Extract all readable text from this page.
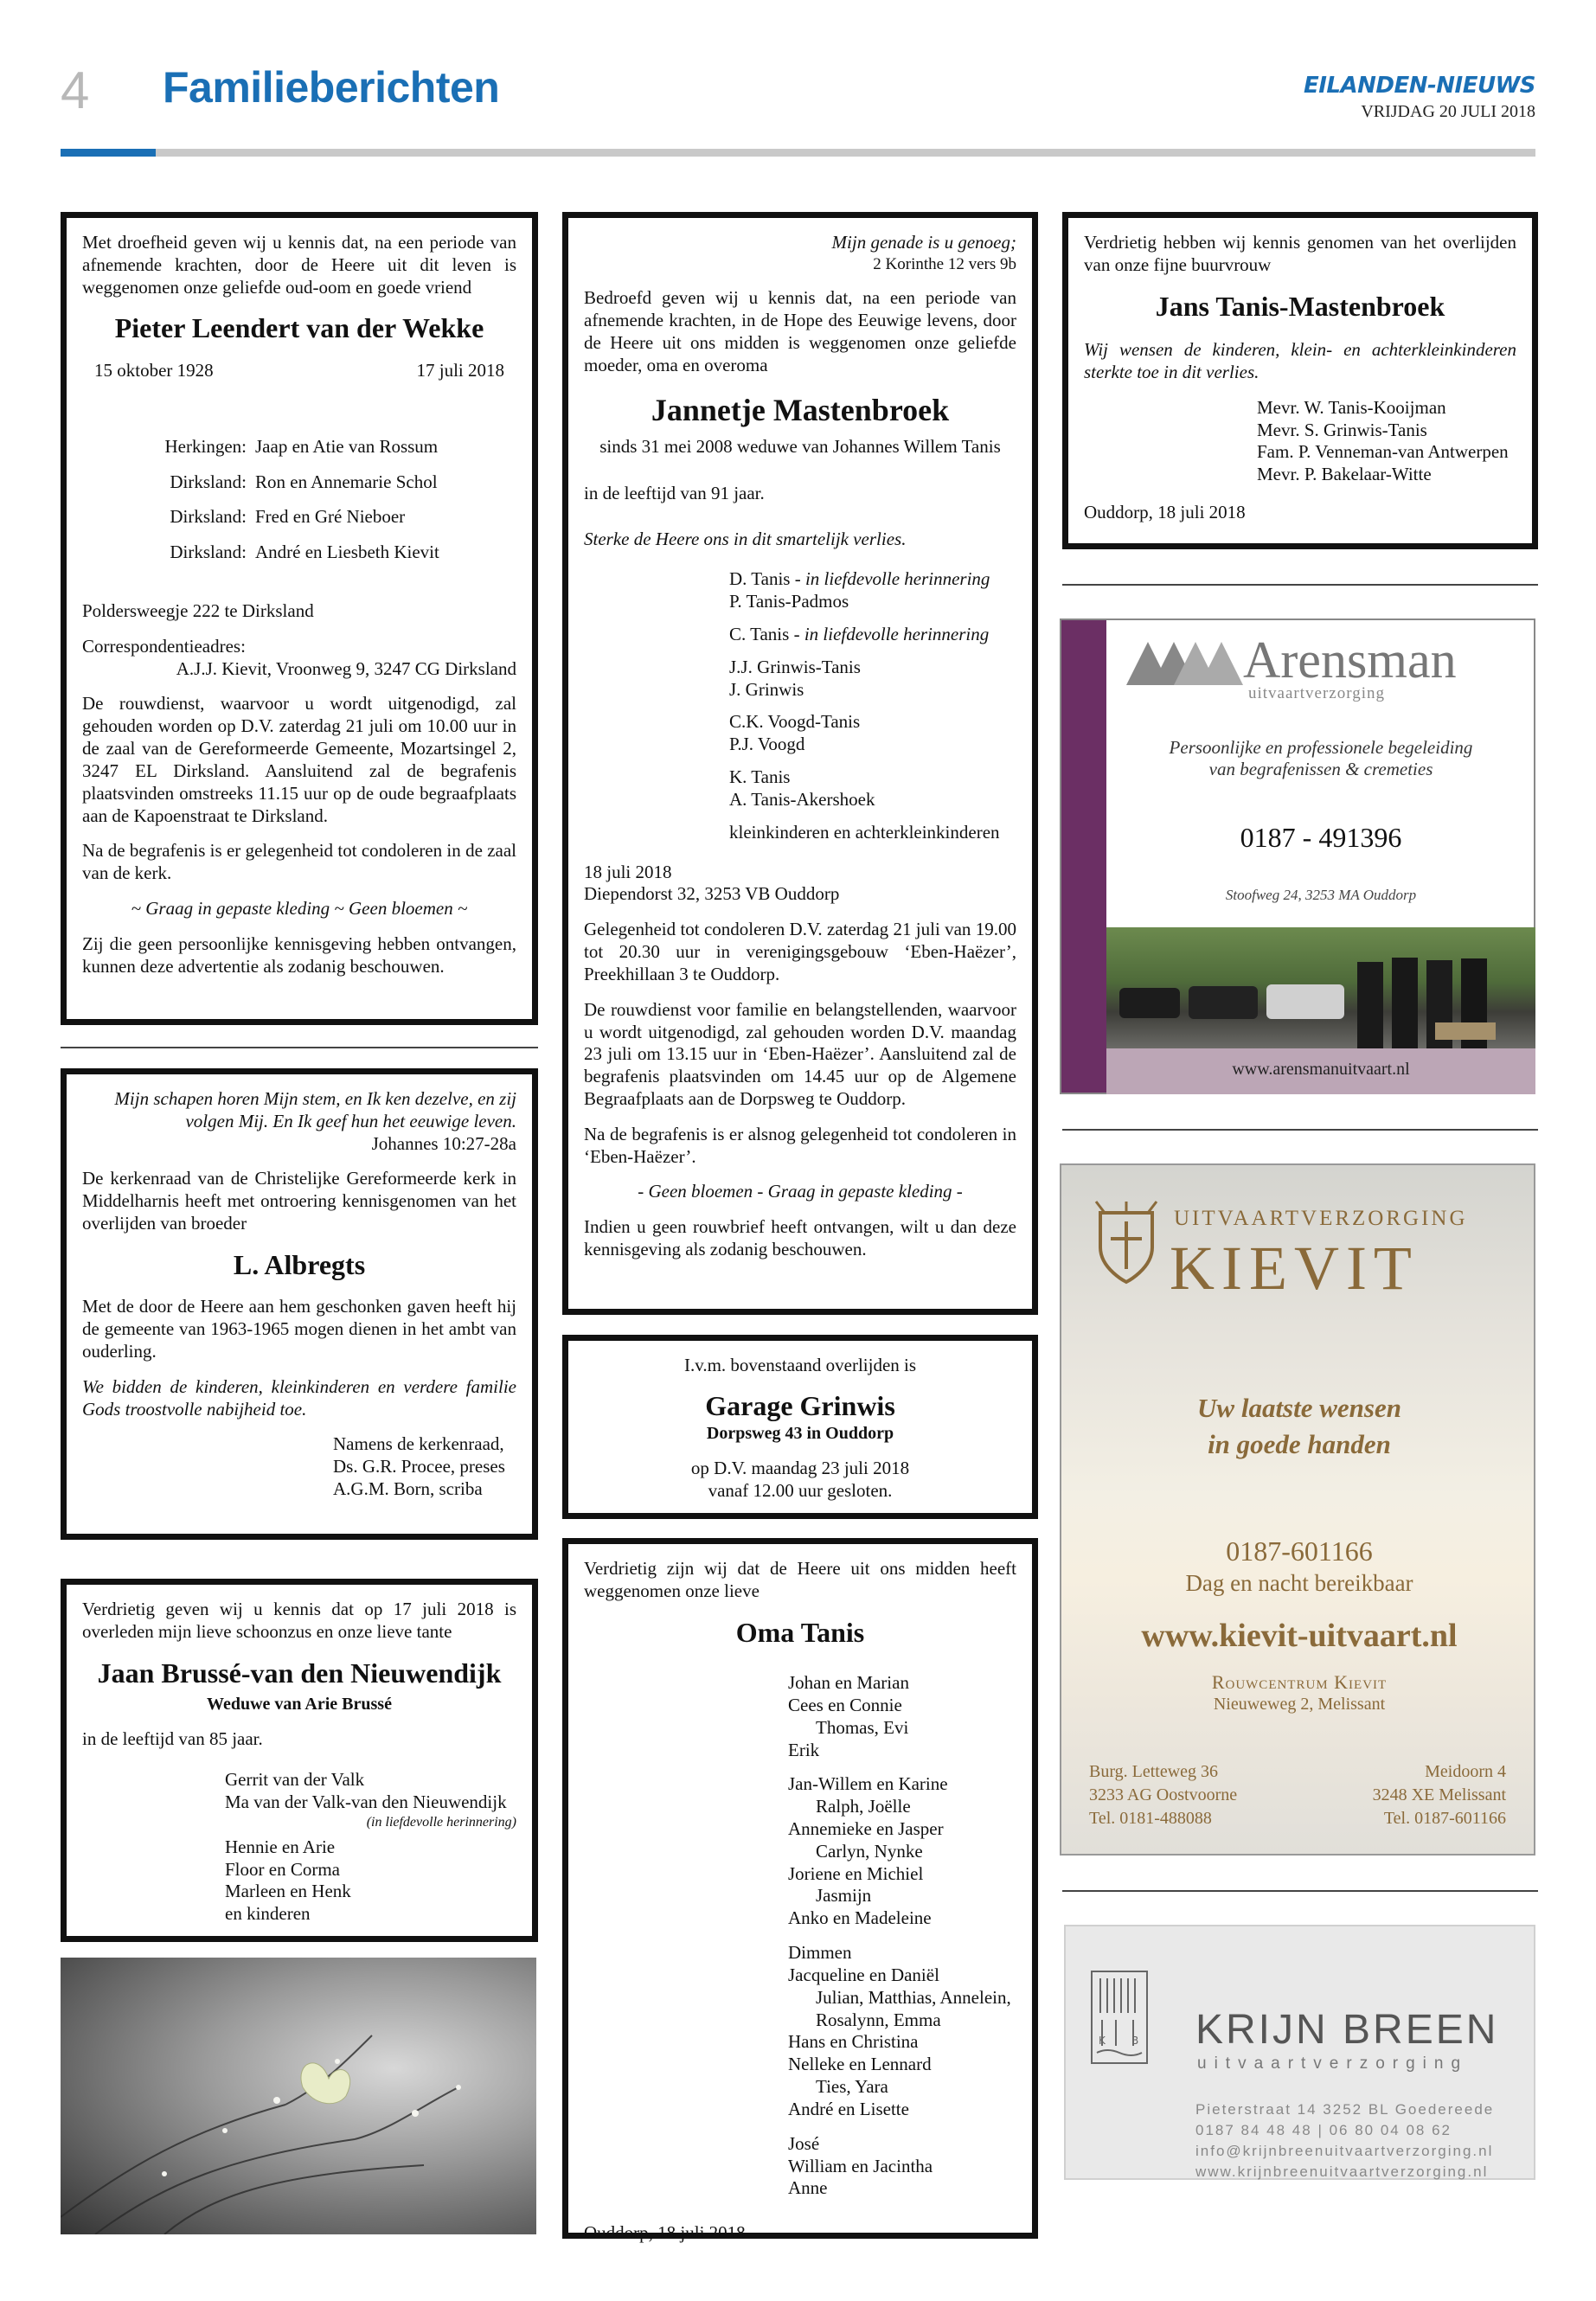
4 Familieberichten	EILANDEN-NIEUWS
VRIJDAG 20 JULI 2018

Met droefheid geven wij u kennis dat, na een periode van afnemende krachten, door de Heere uit dit leven is weggenomen onze geliefde oud-oom en goede vriend

Pieter Leendert van der Wekke
15 oktober 1928	17 juli 2018
Herkingen: Jaap en Atie van Rossum
Dirksland: Ron en Annemarie Schol
Dirksland: Fred en Gré Nieboer
Dirksland: André en Liesbeth Kievit

Poldersweegje 222 te Dirksland

Correspondentieadres:

A.J.J. Kievit, Vroonweg 9, 3247 CG Dirksland

De rouwdienst, waarvoor u wordt uitgenodigd, zal gehouden worden op D.V. zaterdag 21 juli om 10.00 uur in de zaal van de Gereformeerde Gemeente, Mozartsingel 2, 3247 EL Dirksland. Aansluitend zal de begrafenis plaatsvinden omstreeks 11.15 uur op de oude begraafplaats aan de Kapoenstraat te Dirksland.

Na de begrafenis is er gelegenheid tot condoleren in de zaal van de kerk.

~ Graag in gepaste kleding ~ Geen bloemen ~

Zij die geen persoonlijke kennisgeving hebben ontvangen, kunnen deze advertentie als zodanig beschouwen.

Mijn schapen horen Mijn stem, en Ik ken dezelve, en zij volgen Mij. En Ik geef hun het eeuwige leven.

Johannes 10:27-28a

De kerkenraad van de Christelijke Gereformeerde kerk in Middelharnis heeft met ontroering kennisgenomen van het overlijden van broeder

L. Albregts

Met de door de Heere aan hem geschonken gaven heeft hij de gemeente van 1963-1965 mogen dienen in het ambt van ouderling.

We bidden de kinderen, kleinkinderen en verdere familie Gods troostvolle nabijheid toe.

Namens de kerkenraad,
Ds. G.R. Procee, preses
A.G.M. Born, scriba

Verdrietig geven wij u kennis dat op 17 juli 2018 is overleden mijn lieve schoonzus en onze lieve tante

Jaan Brussé-van den Nieuwendijk

Weduwe van Arie Brussé

in de leeftijd van 85 jaar.

Gerrit van der Valk
Ma van der Valk-van den Nieuwendijk
(in liefdevolle herinnering)
Hennie en Arie
Floor en Corma
Marleen en Henk
en kinderen
Mijn genade is u genoeg;

2 Korinthe 12 vers 9b

Bedroefd geven wij u kennis dat, na een periode van afnemende krachten, in de Hope des Eeuwige levens, door de Heere uit ons midden is weggenomen onze geliefde moeder, oma en overoma

Jannetje Mastenbroek

sinds 31 mei 2008 weduwe van Johannes Willem Tanis

in de leeftijd van 91 jaar.

Sterke de Heere ons in dit smartelijk verlies.

D. Tanis - in liefdevolle herinnering
P. Tanis-Padmos
C. Tanis - in liefdevolle herinnering
J.J. Grinwis-Tanis
J. Grinwis
C.K. Voogd-Tanis
P.J. Voogd
K. Tanis
A. Tanis-Akershoek
kleinkinderen en achterkleinkinderen
18 juli 2018

Diependorst 32, 3253 VB Ouddorp

Gelegenheid tot condoleren D.V. zaterdag 21 juli van 19.00 tot 20.30 uur in verenigingsgebouw ‘Eben-Haëzer’, Preekhillaan 3 te Ouddorp.

De rouwdienst voor familie en belangstellenden, waarvoor u wordt uitgenodigd, zal gehouden worden D.V. maandag 23 juli om 13.15 uur in ‘Eben-Haëzer’. Aansluitend zal de begrafenis plaatsvinden om 14.45 uur op de Algemene Begraafplaats aan de Dorpsweg te Ouddorp.

Na de begrafenis is er alsnog gelegenheid tot condoleren in ‘Eben-Haëzer’.

- Geen bloemen - Graag in gepaste kleding -

Indien u geen rouwbrief heeft ontvangen, wilt u dan deze kennisgeving als zodanig beschouwen.

I.v.m. bovenstaand overlijden is
Garage Grinwis

Dorpsweg 43 in Ouddorp

op D.V. maandag 23 juli 2018
vanaf 12.00 uur gesloten.

Verdrietig zijn wij dat de Heere uit ons midden heeft weggenomen onze lieve

Oma Tanis
Johan en Marian
Cees en Connie
Thomas, Evi
Erik
Jan-Willem en Karine
Ralph, Joëlle
Annemieke en Jasper
Carlyn, Nynke
Joriene en Michiel
Jasmijn
Anko en Madeleine
Dimmen
Jacqueline en Daniël
Julian, Matthias, Annelein,
Rosalynn, Emma
Hans en Christina
Nelleke en Lennard
Ties, Yara
André en Lisette
José
William en Jacintha
Anne
Ouddorp, 18 juli 2018

Verdrietig hebben wij kennis genomen van het overlijden van onze fijne buurvrouw

Jans Tanis-Mastenbroek

Wij wensen de kinderen, klein- en achterkleinkinderen sterkte toe in dit verlies.

Mevr. W. Tanis-Kooijman
Mevr. S. Grinwis-Tanis
Fam. P. Venneman-van Antwerpen
Mevr. P. Bakelaar-Witte
Ouddorp, 18 juli 2018
Arensman
uitvaartverzorging
Persoonlijke en professionele begeleiding
van begrafenissen & cremeties
0187 - 491396
Stoofweg 24, 3253 MA Ouddorp
www.arensmanuitvaart.nl
UITVAARTVERZORGING
KIEVIT
Uw laatste wensen
in goede handen
0187-601166
Dag en nacht bereikbaar
www.kievit-uitvaart.nl
Rouwcentrum Kievit
Nieuweweg 2, Melissant
Burg. Letteweg 36
3233 AG Oostvoorne
Tel. 0181-488088
Meidoorn 4
3248 XE Melissant
Tel. 0187-601166
K	B KRIJN BREEN
uitvaartverzorging
Pieterstraat 14 3252 BL Goedereede
0187 84 48 48 | 06 80 04 08 62
info@krijnbreenuitvaartverzorging.nl
www.krijnbreenuitvaartverzorging.nl
